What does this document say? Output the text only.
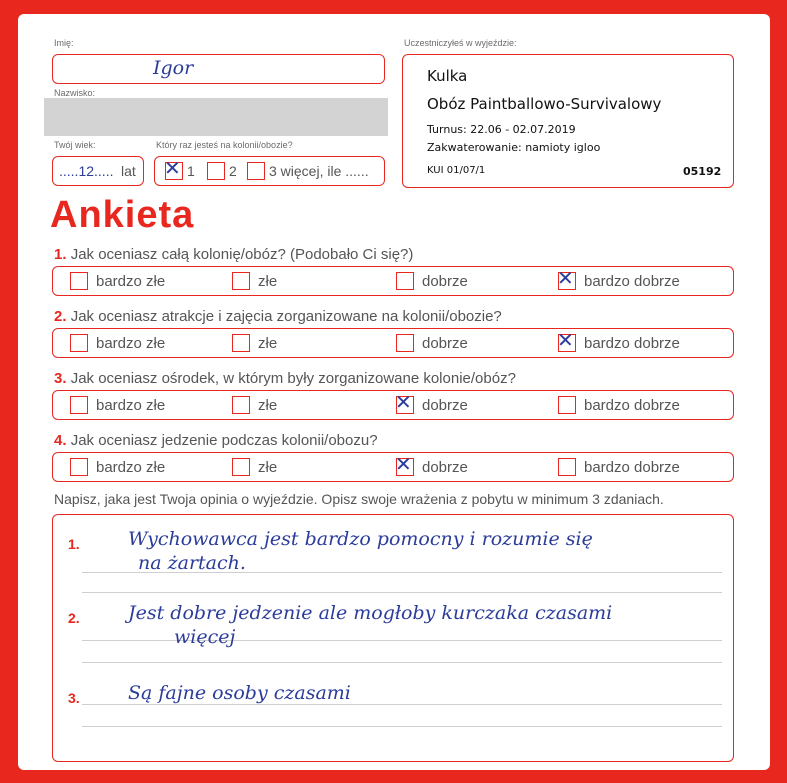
Imię:
Igor
Nazwisko:
Twój wiek:
.....12..... lat
Który raz jesteś na kolonii/obozie?
✕ 1 2 3 więcej, ile ......
Uczestniczyłeś w wyjeździe:
Kulka
Obóz Paintballowo-Survivalowy
Turnus: 22.06 - 02.07.2019
Zakwaterowanie: namioty igloo
KUI 01/07/1	05192
Ankieta
1. Jak oceniasz całą kolonię/obóz? (Podobało Ci się?)
bardzo złe	złe	dobrze	✕ bardzo dobrze
2. Jak oceniasz atrakcje i zajęcia zorganizowane na kolonii/obozie?
bardzo złe	złe	dobrze	✕ bardzo dobrze
3. Jak oceniasz ośrodek, w którym były zorganizowane kolonie/obóz?
bardzo złe	złe	✕ dobrze	bardzo dobrze
4. Jak oceniasz jedzenie podczas kolonii/obozu?
bardzo złe	złe	✕ dobrze	bardzo dobrze
Napisz, jaka jest Twoja opinia o wyjeździe. Opisz swoje wrażenia z pobytu w minimum 3 zdaniach.
1.	Wychowawca jest bardzo pomocny i rozumie się
na żartach.
2.	Jest dobre jedzenie ale mogłoby kurczaka czasami
więcej
3.	Są fajne osoby czasami
